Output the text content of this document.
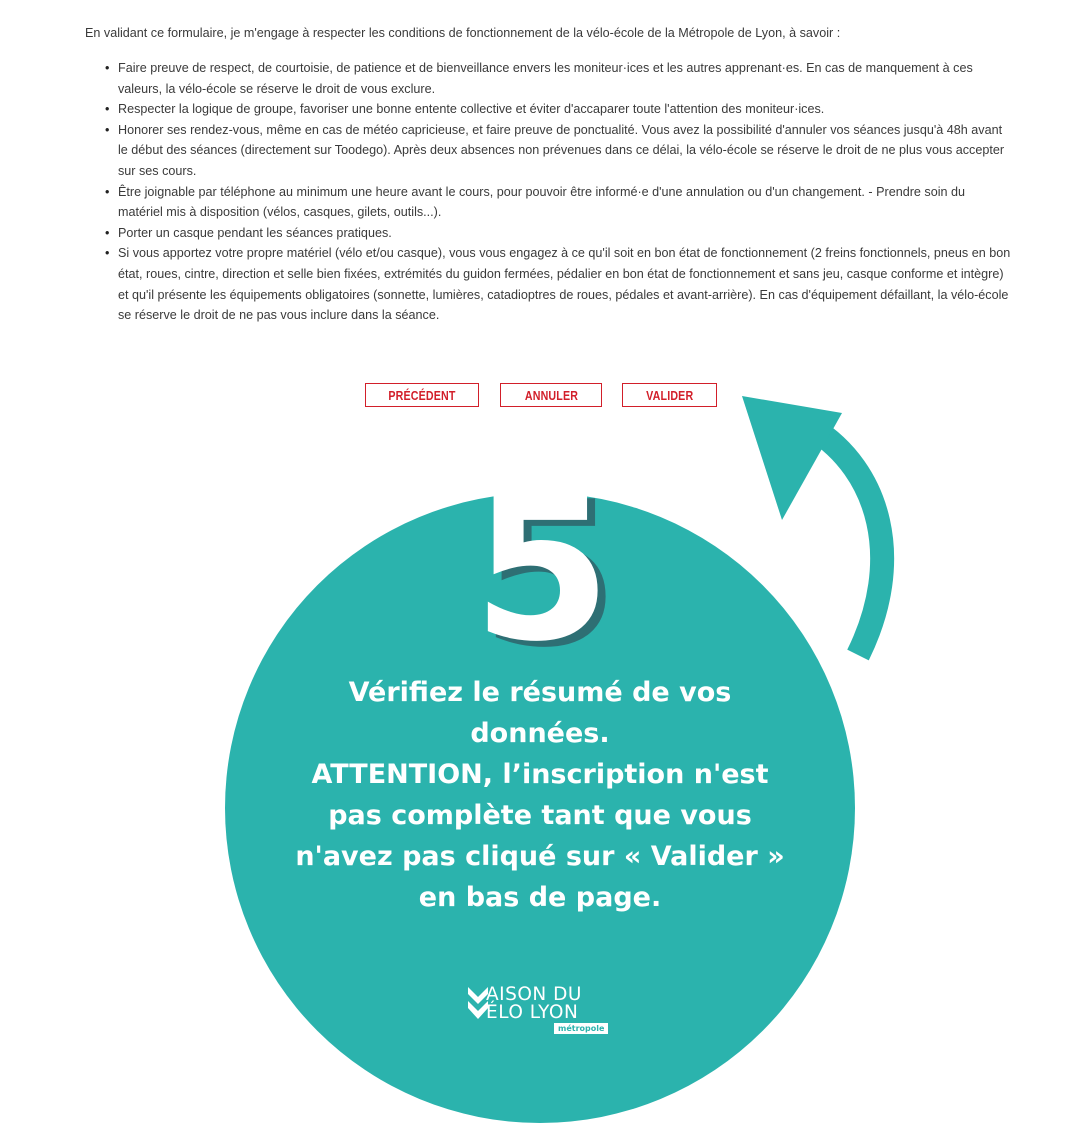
En validant ce formulaire, je m'engage à respecter les conditions de fonctionnement de la vélo-école de la Métropole de Lyon, à savoir :

• Faire preuve de respect, de courtoisie, de patience et de bienveillance envers les moniteur·ices et les autres apprenant·es. En cas de manquement à ces valeurs, la vélo-école se réserve le droit de vous exclure.
• Respecter la logique de groupe, favoriser une bonne entente collective et éviter d'accaparer toute l'attention des moniteur·ices.
• Honorer ses rendez-vous, même en cas de météo capricieuse, et faire preuve de ponctualité. Vous avez la possibilité d'annuler vos séances jusqu'à 48h avant le début des séances (directement sur Toodego). Après deux absences non prévenues dans ce délai, la vélo-école se réserve le droit de ne plus vous accepter sur ses cours.
• Être joignable par téléphone au minimum une heure avant le cours, pour pouvoir être informé·e d'une annulation ou d'un changement. - Prendre soin du matériel mis à disposition (vélos, casques, gilets, outils...).
• Porter un casque pendant les séances pratiques.
• Si vous apportez votre propre matériel (vélo et/ou casque), vous vous engagez à ce qu'il soit en bon état de fonctionnement (2 freins fonctionnels, pneus en bon état, roues, cintre, direction et selle bien fixées, extrémités du guidon fermées, pédalier en bon état de fonctionnement et sans jeu, casque conforme et intègre) et qu'il présente les équipements obligatoires (sonnette, lumières, catadioptres de roues, pédales et avant-arrière). En cas d'équipement défaillant, la vélo-école se réserve le droit de ne pas vous inclure dans la séance.
PRÉCÉDENT	ANNULER	VALIDER
5
Vérifiez le résumé de vos
données.
ATTENTION, l’inscription n'est
pas complète tant que vous
n'avez pas cliqué sur « Valider »
en bas de page.
AISON DU
ÉLO LYON
métropole
